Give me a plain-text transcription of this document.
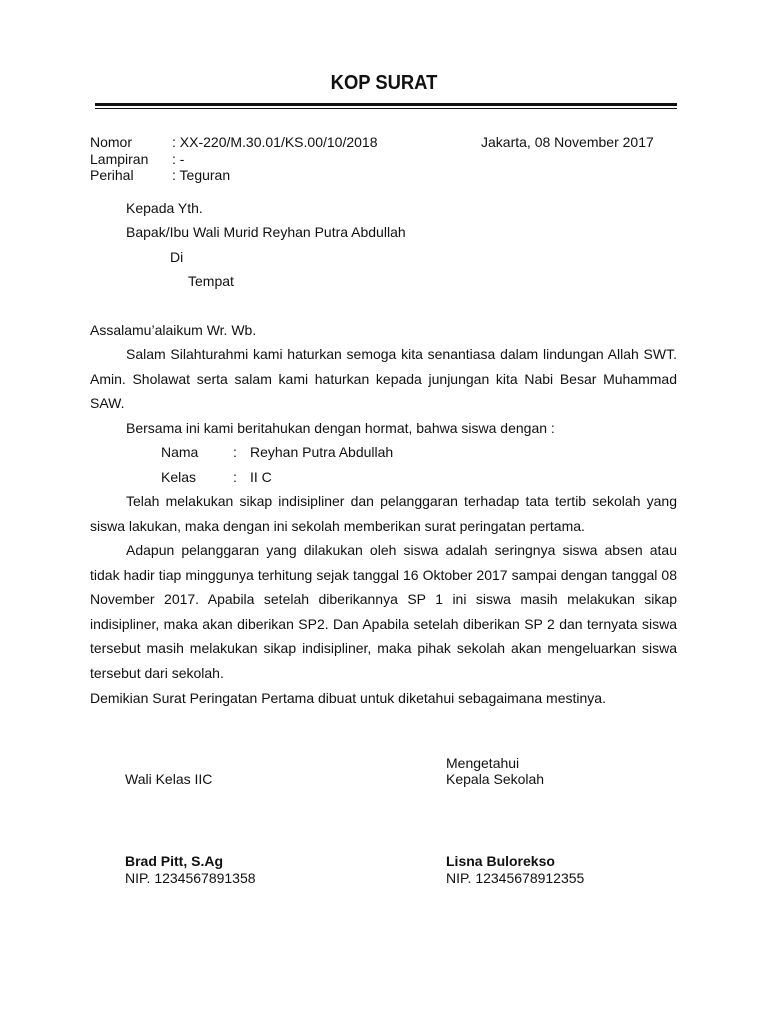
KOP SURAT
Nomor	: XX-220/M.30.01/KS.00/10/2018
Lampiran : -
Perihal	: Teguran
Jakarta, 08 November 2017
Kepada Yth.
Bapak/Ibu Wali Murid Reyhan Putra Abdullah
Di
Tempat
Assalamu’alaikum Wr. Wb.

Salam Silahturahmi kami haturkan semoga kita senantiasa dalam lindungan Allah SWT. Amin. Sholawat serta salam kami haturkan kepada junjungan kita Nabi Besar Muhammad SAW.

Bersama ini kami beritahukan dengan hormat, bahwa siswa dengan :
Nama : Reyhan Putra Abdullah
Kelas	: II C

Telah melakukan sikap indisipliner dan pelanggaran terhadap tata tertib sekolah yang siswa lakukan, maka dengan ini sekolah memberikan surat peringatan pertama.

Adapun pelanggaran yang dilakukan oleh siswa adalah seringnya siswa absen atau tidak hadir tiap minggunya terhitung sejak tanggal 16 Oktober 2017 sampai dengan tanggal 08 November 2017. Apabila setelah diberikannya SP 1 ini siswa masih melakukan sikap indisipliner, maka akan diberikan SP2. Dan Apabila setelah diberikan SP 2 dan ternyata siswa tersebut masih melakukan sikap indisipliner, maka pihak sekolah akan mengeluarkan siswa tersebut dari sekolah.

Demikian Surat Peringatan Pertama dibuat untuk diketahui sebagaimana mestinya.
Wali Kelas IIC
Brad Pitt, S.Ag
NIP. 1234567891358
Mengetahui
Kepala Sekolah
Lisna Bulorekso
NIP. 12345678912355
